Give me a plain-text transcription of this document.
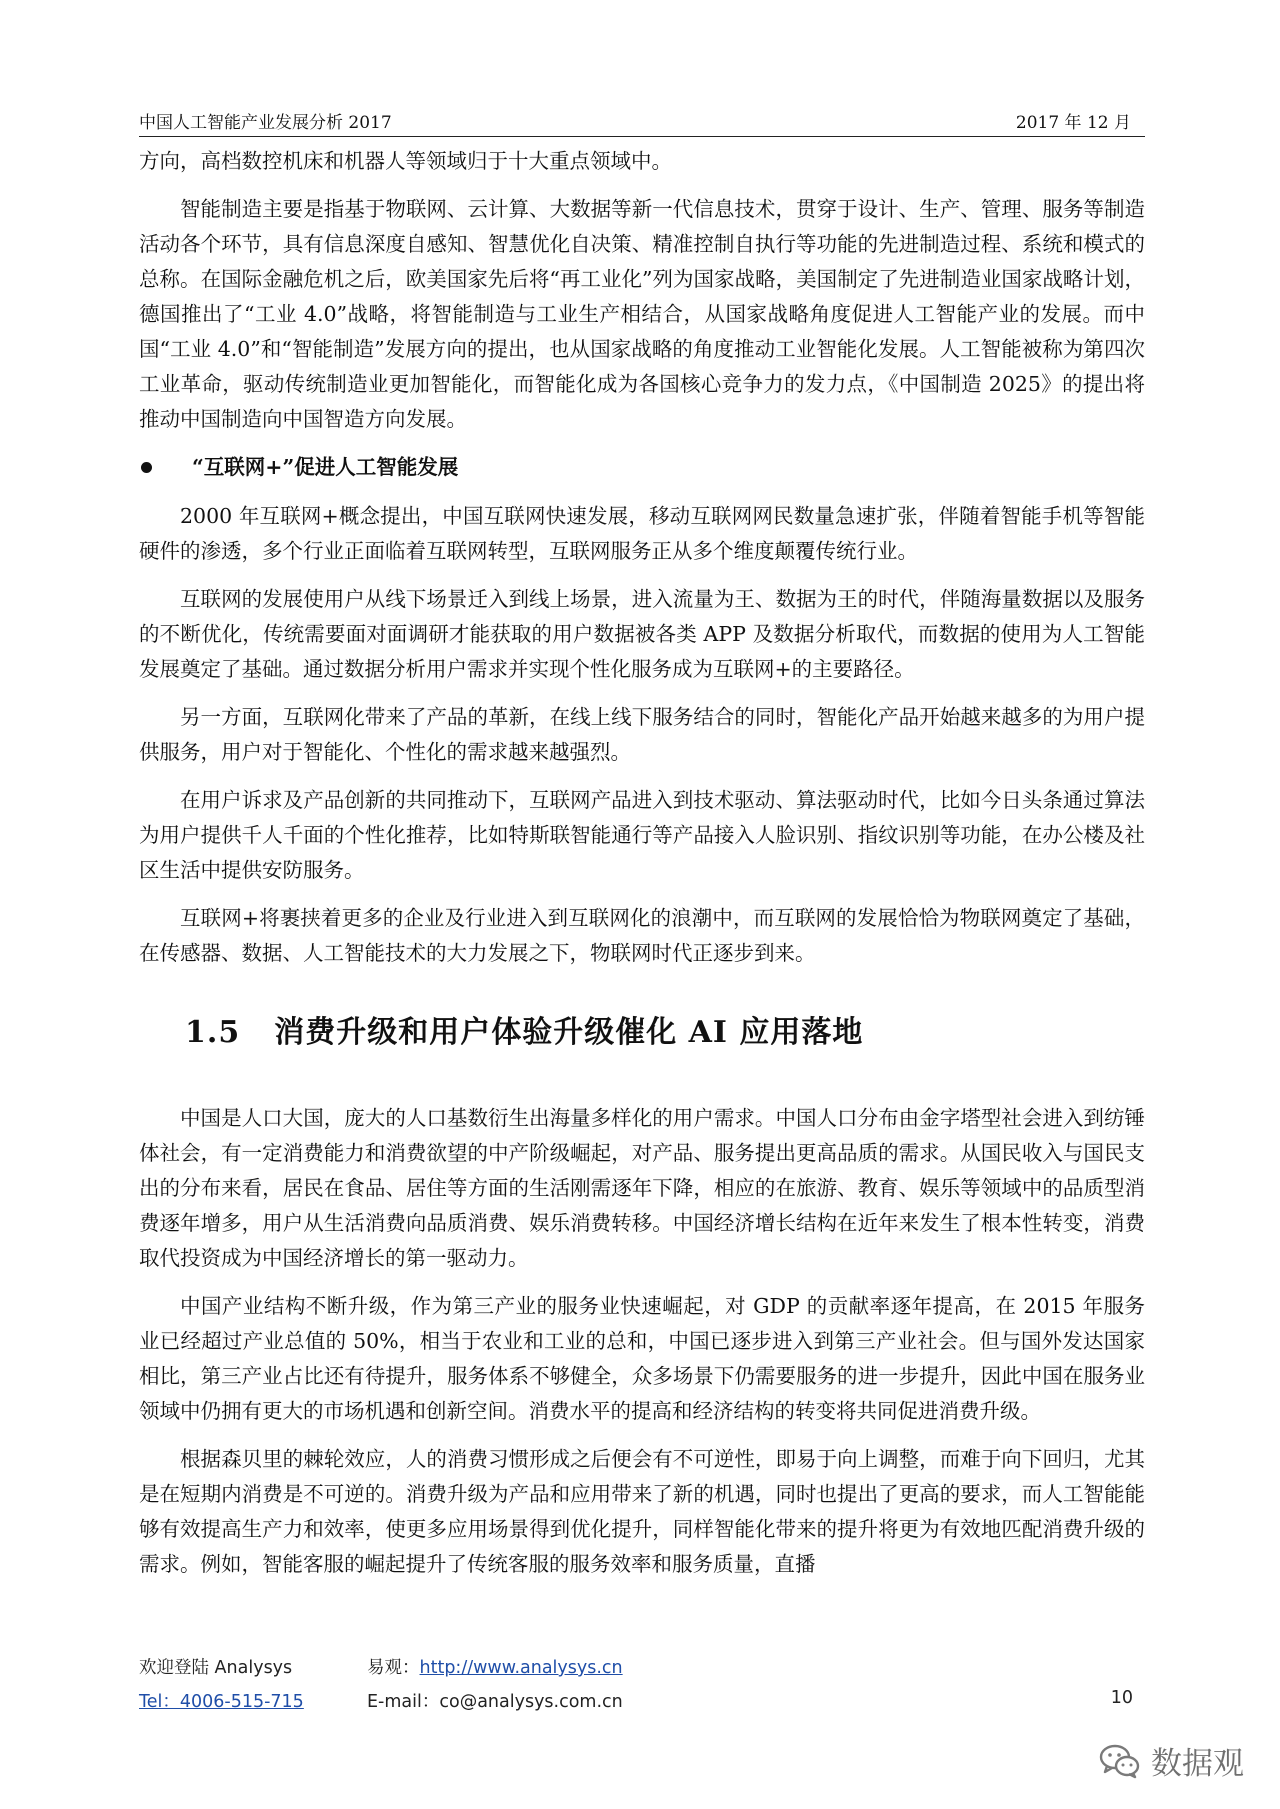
中国人工智能产业发展分析 2017	2017 年 12 月

方向，高档数控机床和机器人等领域归于十大重点领域中。

智能制造主要是指基于物联网、云计算、大数据等新一代信息技术，贯穿于设计、生产、管理、服务等制造活动各个环节，具有信息深度自感知、智慧优化自决策、精准控制自执行等功能的先进制造过程、系统和模式的总称。在国际金融危机之后，欧美国家先后将“再工业化”列为国家战略，美国制定了先进制造业国家战略计划，德国推出了“工业 4.0”战略，将智能制造与工业生产相结合，从国家战略角度促进人工智能产业的发展。而中国“工业 4.0”和“智能制造”发展方向的提出，也从国家战略的角度推动工业智能化发展。人工智能被称为第四次工业革命，驱动传统制造业更加智能化，而智能化成为各国核心竞争力的发力点，《中国制造 2025》的提出将推动中国制造向中国智造方向发展。

“互联网+”促进人工智能发展

2000 年互联网+概念提出，中国互联网快速发展，移动互联网网民数量急速扩张，伴随着智能手机等智能硬件的渗透，多个行业正面临着互联网转型，互联网服务正从多个维度颠覆传统行业。

互联网的发展使用户从线下场景迁入到线上场景，进入流量为王、数据为王的时代，伴随海量数据以及服务的不断优化，传统需要面对面调研才能获取的用户数据被各类 APP 及数据分析取代，而数据的使用为人工智能发展奠定了基础。通过数据分析用户需求并实现个性化服务成为互联网+的主要路径。

另一方面，互联网化带来了产品的革新，在线上线下服务结合的同时，智能化产品开始越来越多的为用户提供服务，用户对于智能化、个性化的需求越来越强烈。

在用户诉求及产品创新的共同推动下，互联网产品进入到技术驱动、算法驱动时代，比如今日头条通过算法为用户提供千人千面的个性化推荐，比如特斯联智能通行等产品接入人脸识别、指纹识别等功能，在办公楼及社区生活中提供安防服务。

互联网+将裹挟着更多的企业及行业进入到互联网化的浪潮中，而互联网的发展恰恰为物联网奠定了基础，在传感器、数据、人工智能技术的大力发展之下，物联网时代正逐步到来。

1.5 消费升级和用户体验升级催化 AI 应用落地

中国是人口大国，庞大的人口基数衍生出海量多样化的用户需求。中国人口分布由金字塔型社会进入到纺锤体社会，有一定消费能力和消费欲望的中产阶级崛起，对产品、服务提出更高品质的需求。从国民收入与国民支出的分布来看，居民在食品、居住等方面的生活刚需逐年下降，相应的在旅游、教育、娱乐等领域中的品质型消费逐年增多，用户从生活消费向品质消费、娱乐消费转移。中国经济增长结构在近年来发生了根本性转变，消费取代投资成为中国经济增长的第一驱动力。

中国产业结构不断升级，作为第三产业的服务业快速崛起，对 GDP 的贡献率逐年提高，在 2015 年服务业已经超过产业总值的 50%，相当于农业和工业的总和，中国已逐步进入到第三产业社会。但与国外发达国家相比，第三产业占比还有待提升，服务体系不够健全，众多场景下仍需要服务的进一步提升，因此中国在服务业领域中仍拥有更大的市场机遇和创新空间。消费水平的提高和经济结构的转变将共同促进消费升级。

根据森贝里的棘轮效应，人的消费习惯形成之后便会有不可逆性，即易于向上调整，而难于向下回归，尤其是在短期内消费是不可逆的。消费升级为产品和应用带来了新的机遇，同时也提出了更高的要求，而人工智能能够有效提高生产力和效率，使更多应用场景得到优化提升，同样智能化带来的提升将更为有效地匹配消费升级的需求。例如，智能客服的崛起提升了传统客服的服务效率和服务质量，直播

欢迎登陆 Analysys	易观：http://www.analysys.cn
Tel：4006-515-715	E-mail：co@analysys.com.cn	10
数据观
